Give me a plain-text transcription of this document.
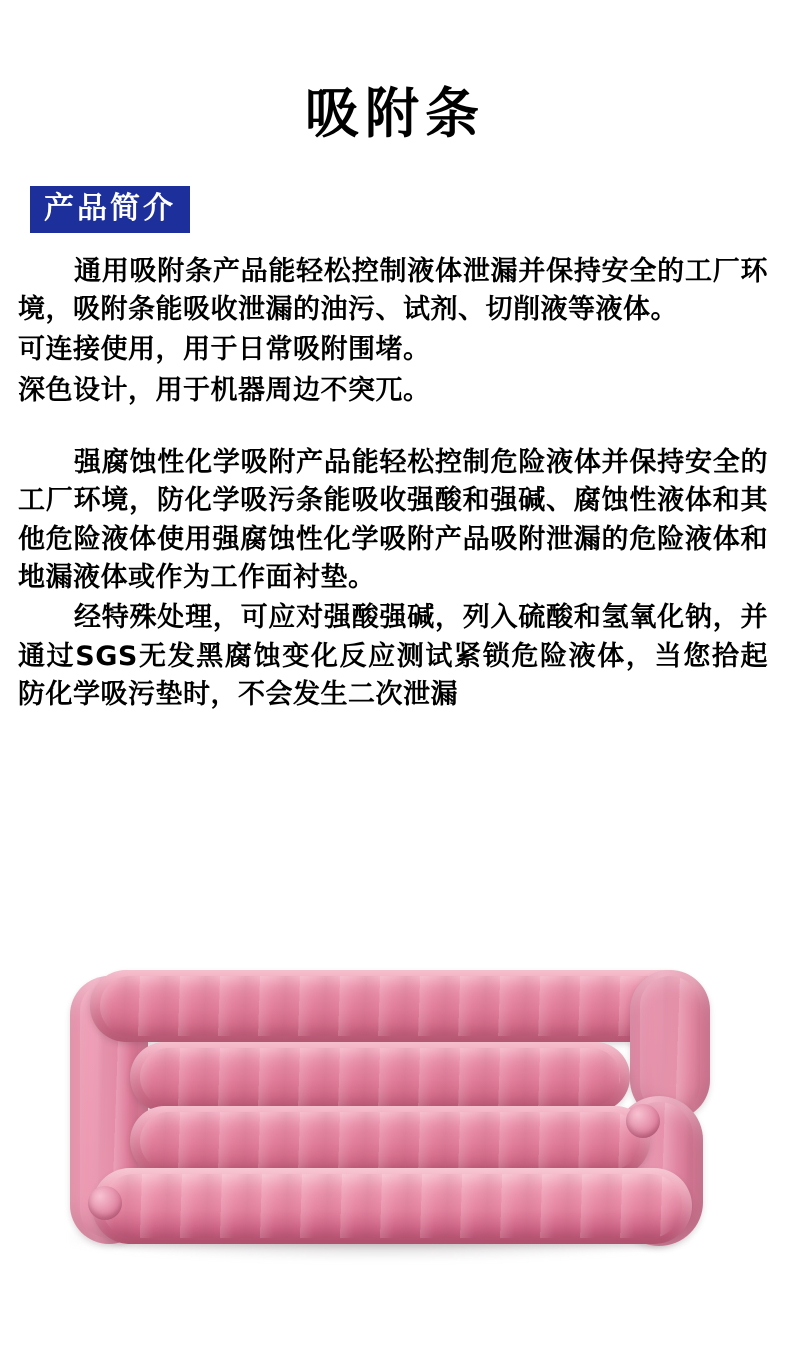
吸附条
产品简介

通用吸附条产品能轻松控制液体泄漏并保持安全的工厂环境，吸附条能吸收泄漏的油污、试剂、切削液等液体。

可连接使用，用于日常吸附围堵。

深色设计，用于机器周边不突兀。

强腐蚀性化学吸附产品能轻松控制危险液体并保持安全的工厂环境，防化学吸污条能吸收强酸和强碱、腐蚀性液体和其他危险液体使用强腐蚀性化学吸附产品吸附泄漏的危险液体和地漏液体或作为工作面衬垫。

经特殊处理，可应对强酸强碱，列入硫酸和氢氧化钠，并通过SGS无发黑腐蚀变化反应测试紧锁危险液体，当您拾起防化学吸污垫时，不会发生二次泄漏
